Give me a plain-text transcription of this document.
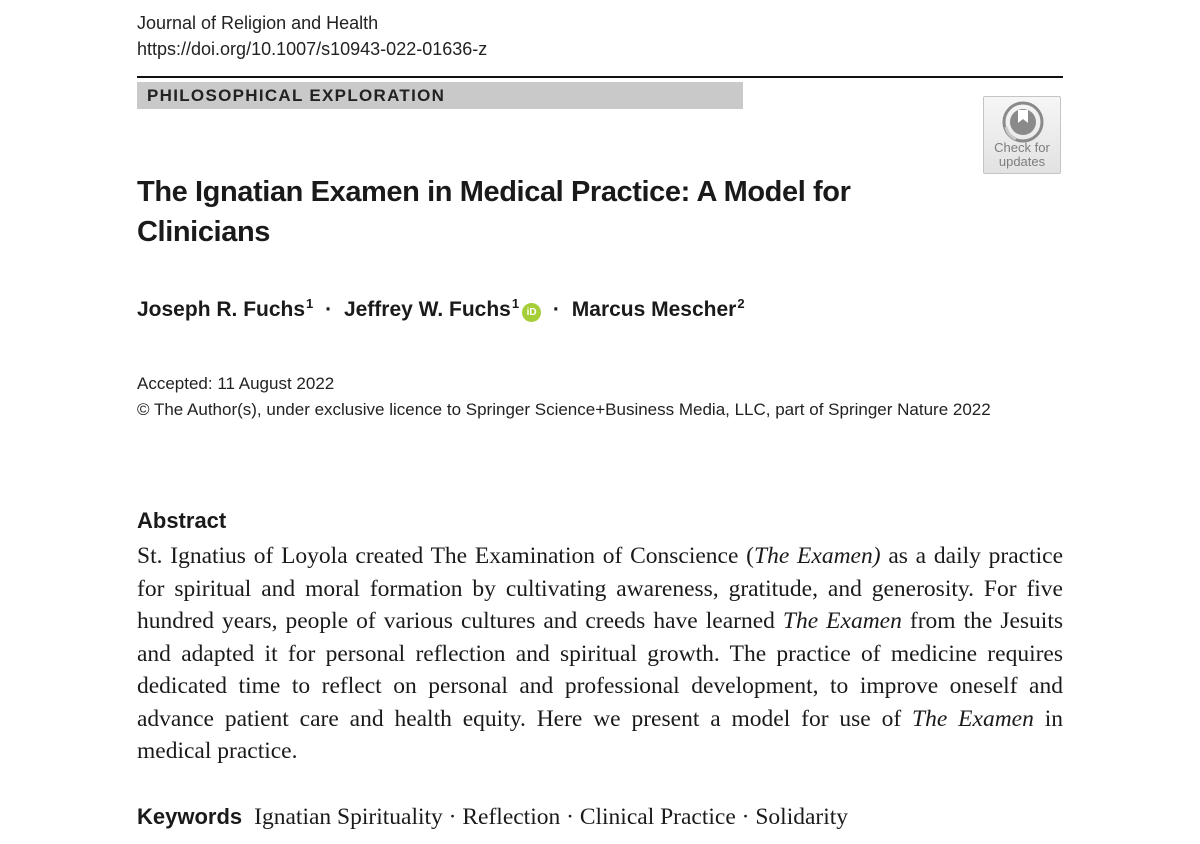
Journal of Religion and Health
https://doi.org/10.1007/s10943-022-01636-z
PHILOSOPHICAL EXPLORATION
Check for
updates
The Ignatian Examen in Medical Practice: A Model for Clinicians
Joseph R. Fuchs$^1$ · Jeffrey W. Fuchs$^1$iD · Marcus Mescher$^2$
Accepted: 11 August 2022
© The Author(s), under exclusive licence to Springer Science+Business Media, LLC, part of Springer Nature 2022
Abstract

St. Ignatius of Loyola created The Examination of Conscience (The Examen) as a daily practice for spiritual and moral formation by cultivating awareness, gratitude, and generosity. For five hundred years, people of various cultures and creeds have learned The Examen from the Jesuits and adapted it for personal reflection and spiritual growth. The practice of medicine requires dedicated time to reflect on personal and professional development, to improve oneself and advance patient care and health equity. Here we present a model for use of The Examen in medical practice.

Keywords Ignatian Spirituality · Reflection · Clinical Practice · Solidarity
